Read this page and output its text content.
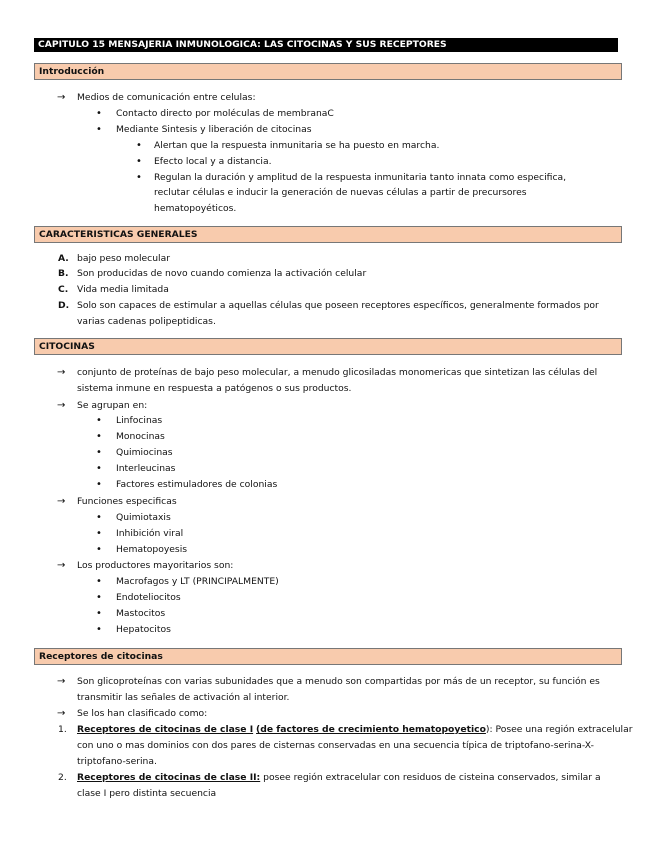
CAPITULO 15 MENSAJERIA INMUNOLOGICA: LAS CITOCINAS Y SUS RECEPTORES
Introducción
→ Medios de comunicación entre celulas:
• Contacto directo por moléculas de membranaC
• Mediante Sintesis y liberación de citocinas
• Alertan que la respuesta inmunitaria se ha puesto en marcha.
• Efecto local y a distancia.
• Regulan la duración y amplitud de la respuesta inmunitaria tanto innata como especifica,
reclutar células e inducir la generación de nuevas células a partir de precursores
hematopoyéticos.
CARACTERISTICAS GENERALES
A. bajo peso molecular
B. Son producidas de novo cuando comienza la activación celular
C. Vida media limitada
D. Solo son capaces de estimular a aquellas células que poseen receptores específicos, generalmente formados por
varias cadenas polipeptidicas.
CITOCINAS
→ conjunto de proteínas de bajo peso molecular, a menudo glicosiladas monomericas que sintetizan las células del
sistema inmune en respuesta a patógenos o sus productos.
→ Se agrupan en:
• Linfocinas
• Monocinas
• Quimiocinas
• Interleucinas
• Factores estimuladores de colonias
→ Funciones especificas
• Quimiotaxis
• Inhibición viral
• Hematopoyesis
→ Los productores mayoritarios son:
• Macrofagos y LT (PRINCIPALMENTE)
• Endoteliocitos
• Mastocitos
• Hepatocitos
Receptores de citocinas
→ Son glicoproteínas con varias subunidades que a menudo son compartidas por más de un receptor, su función es
transmitir las señales de activación al interior.
→ Se los han clasificado como:
1. Receptores de citocinas de clase I (de factores de crecimiento hematopoyetico): Posee una región extracelular
con uno o mas dominios con dos pares de cisternas conservadas en una secuencia típica de triptofano-serina-X-
triptofano-serina.
2. Receptores de citocinas de clase II: posee región extracelular con residuos de cisteina conservados, similar a
clase I pero distinta secuencia
